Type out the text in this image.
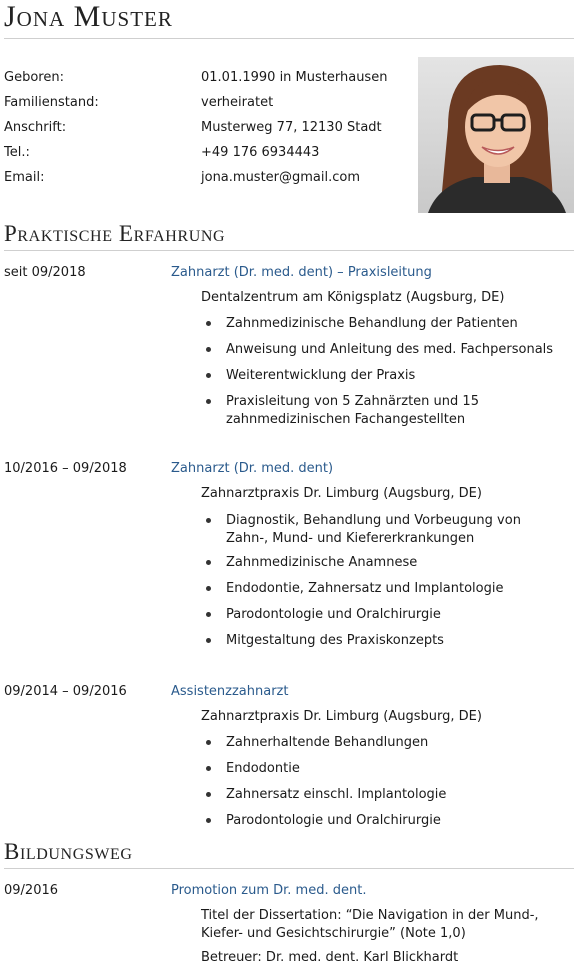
Jona Muster
Geboren:	01.01.1990 in Musterhausen
Familienstand:	verheiratet
Anschrift:	Musterweg 77, 12130 Stadt
Tel.:	+49 176 6934443
Email:	jona.muster@gmail.com
Praktische Erfahrung
seit 09/2018	Zahnarzt (Dr. med. dent) – Praxisleitung
Dentalzentrum am Königsplatz (Augsburg, DE)
Zahnmedizinische Behandlung der Patienten
Anweisung und Anleitung des med. Fachpersonals
Weiterentwicklung der Praxis
Praxisleitung von 5 Zahnärzten und 15 zahnmedizinischen Fachangestellten
10/2016 – 09/2018	Zahnarzt (Dr. med. dent)
Zahnarztpraxis Dr. Limburg (Augsburg, DE)
Diagnostik, Behandlung und Vorbeugung von Zahn-, Mund- und Kiefererkrankungen
Zahnmedizinische Anamnese
Endodontie, Zahnersatz und Implantologie
Parodontologie und Oralchirurgie
Mitgestaltung des Praxiskonzepts
09/2014 – 09/2016	Assistenzzahnarzt
Zahnarztpraxis Dr. Limburg (Augsburg, DE)
Zahnerhaltende Behandlungen
Endodontie
Zahnersatz einschl. Implantologie
Parodontologie und Oralchirurgie
Bildungsweg
09/2016	Promotion zum Dr. med. dent.
Titel der Dissertation: “Die Navigation in der Mund-, Kiefer- und Gesichtschirurgie” (Note 1,0)
Betreuer: Dr. med. dent. Karl Blickhardt
